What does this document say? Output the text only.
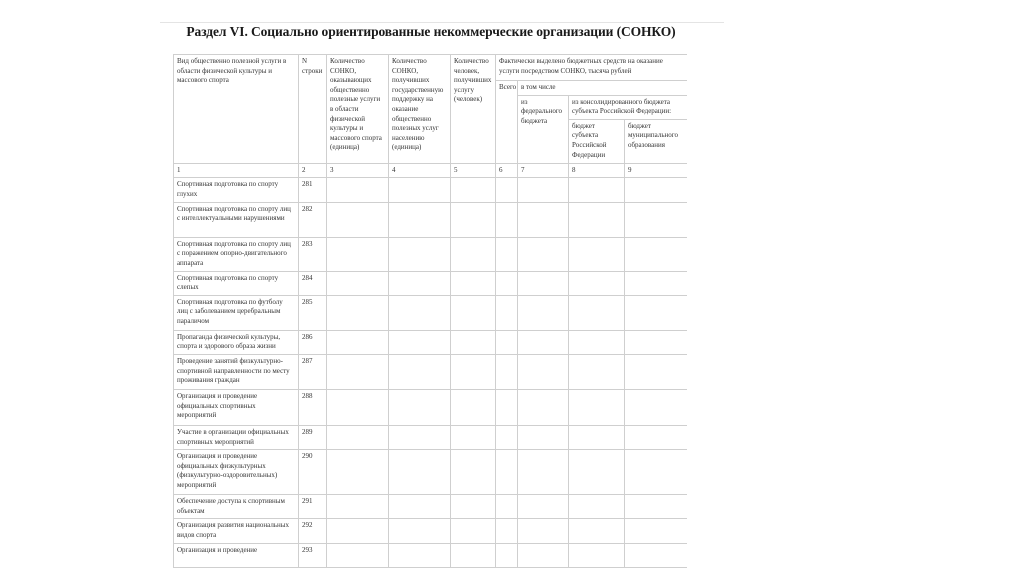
Раздел VI. Социально ориентированные некоммерческие организации (СОНКО)
Вид общественно полезной услуги в области физической культуры и массового спорта	N строки	Количество СОНКО, оказывающих общественно полезные услуги в области физической культуры и массового спорта (единица)	Количество СОНКО, получивших государственную поддержку на оказание общественно полезных услуг населению (единица)	Количество человек, получивших услугу (человек)	Фактически выделено бюджетных средств на оказание услуги посредством СОНКО, тысяча рублей			
					Всего	в том числе		
						из федерального бюджета	из консолидированного бюджета субъекта Российской Федерации:	
							бюджет субъекта Российской Федерации	бюджет муниципального образования
1	2	3	4	5	6	7	8	9
Спортивная подготовка по спорту глухих	281							
Спортивная подготовка по спорту лиц с интеллектуальными нарушениями	282							
Спортивная подготовка по спорту лиц с поражением опорно-двигательного аппарата	283							
Спортивная подготовка по спорту слепых	284							
Спортивная подготовка по футболу лиц с заболеванием церебральным параличом	285							
Пропаганда физической культуры, спорта и здорового образа жизни	286							
Проведение занятий физкультурно-спортивной направленности по месту проживания граждан	287							
Организация и проведение официальных спортивных мероприятий	288							
Участие в организации официальных спортивных мероприятий	289							
Организация и проведение официальных физкультурных (физкультурно-оздоровительных) мероприятий	290							
Обеспечение доступа к спортивным объектам	291							
Организация развития национальных видов спорта	292							
Организация и проведение	293							
